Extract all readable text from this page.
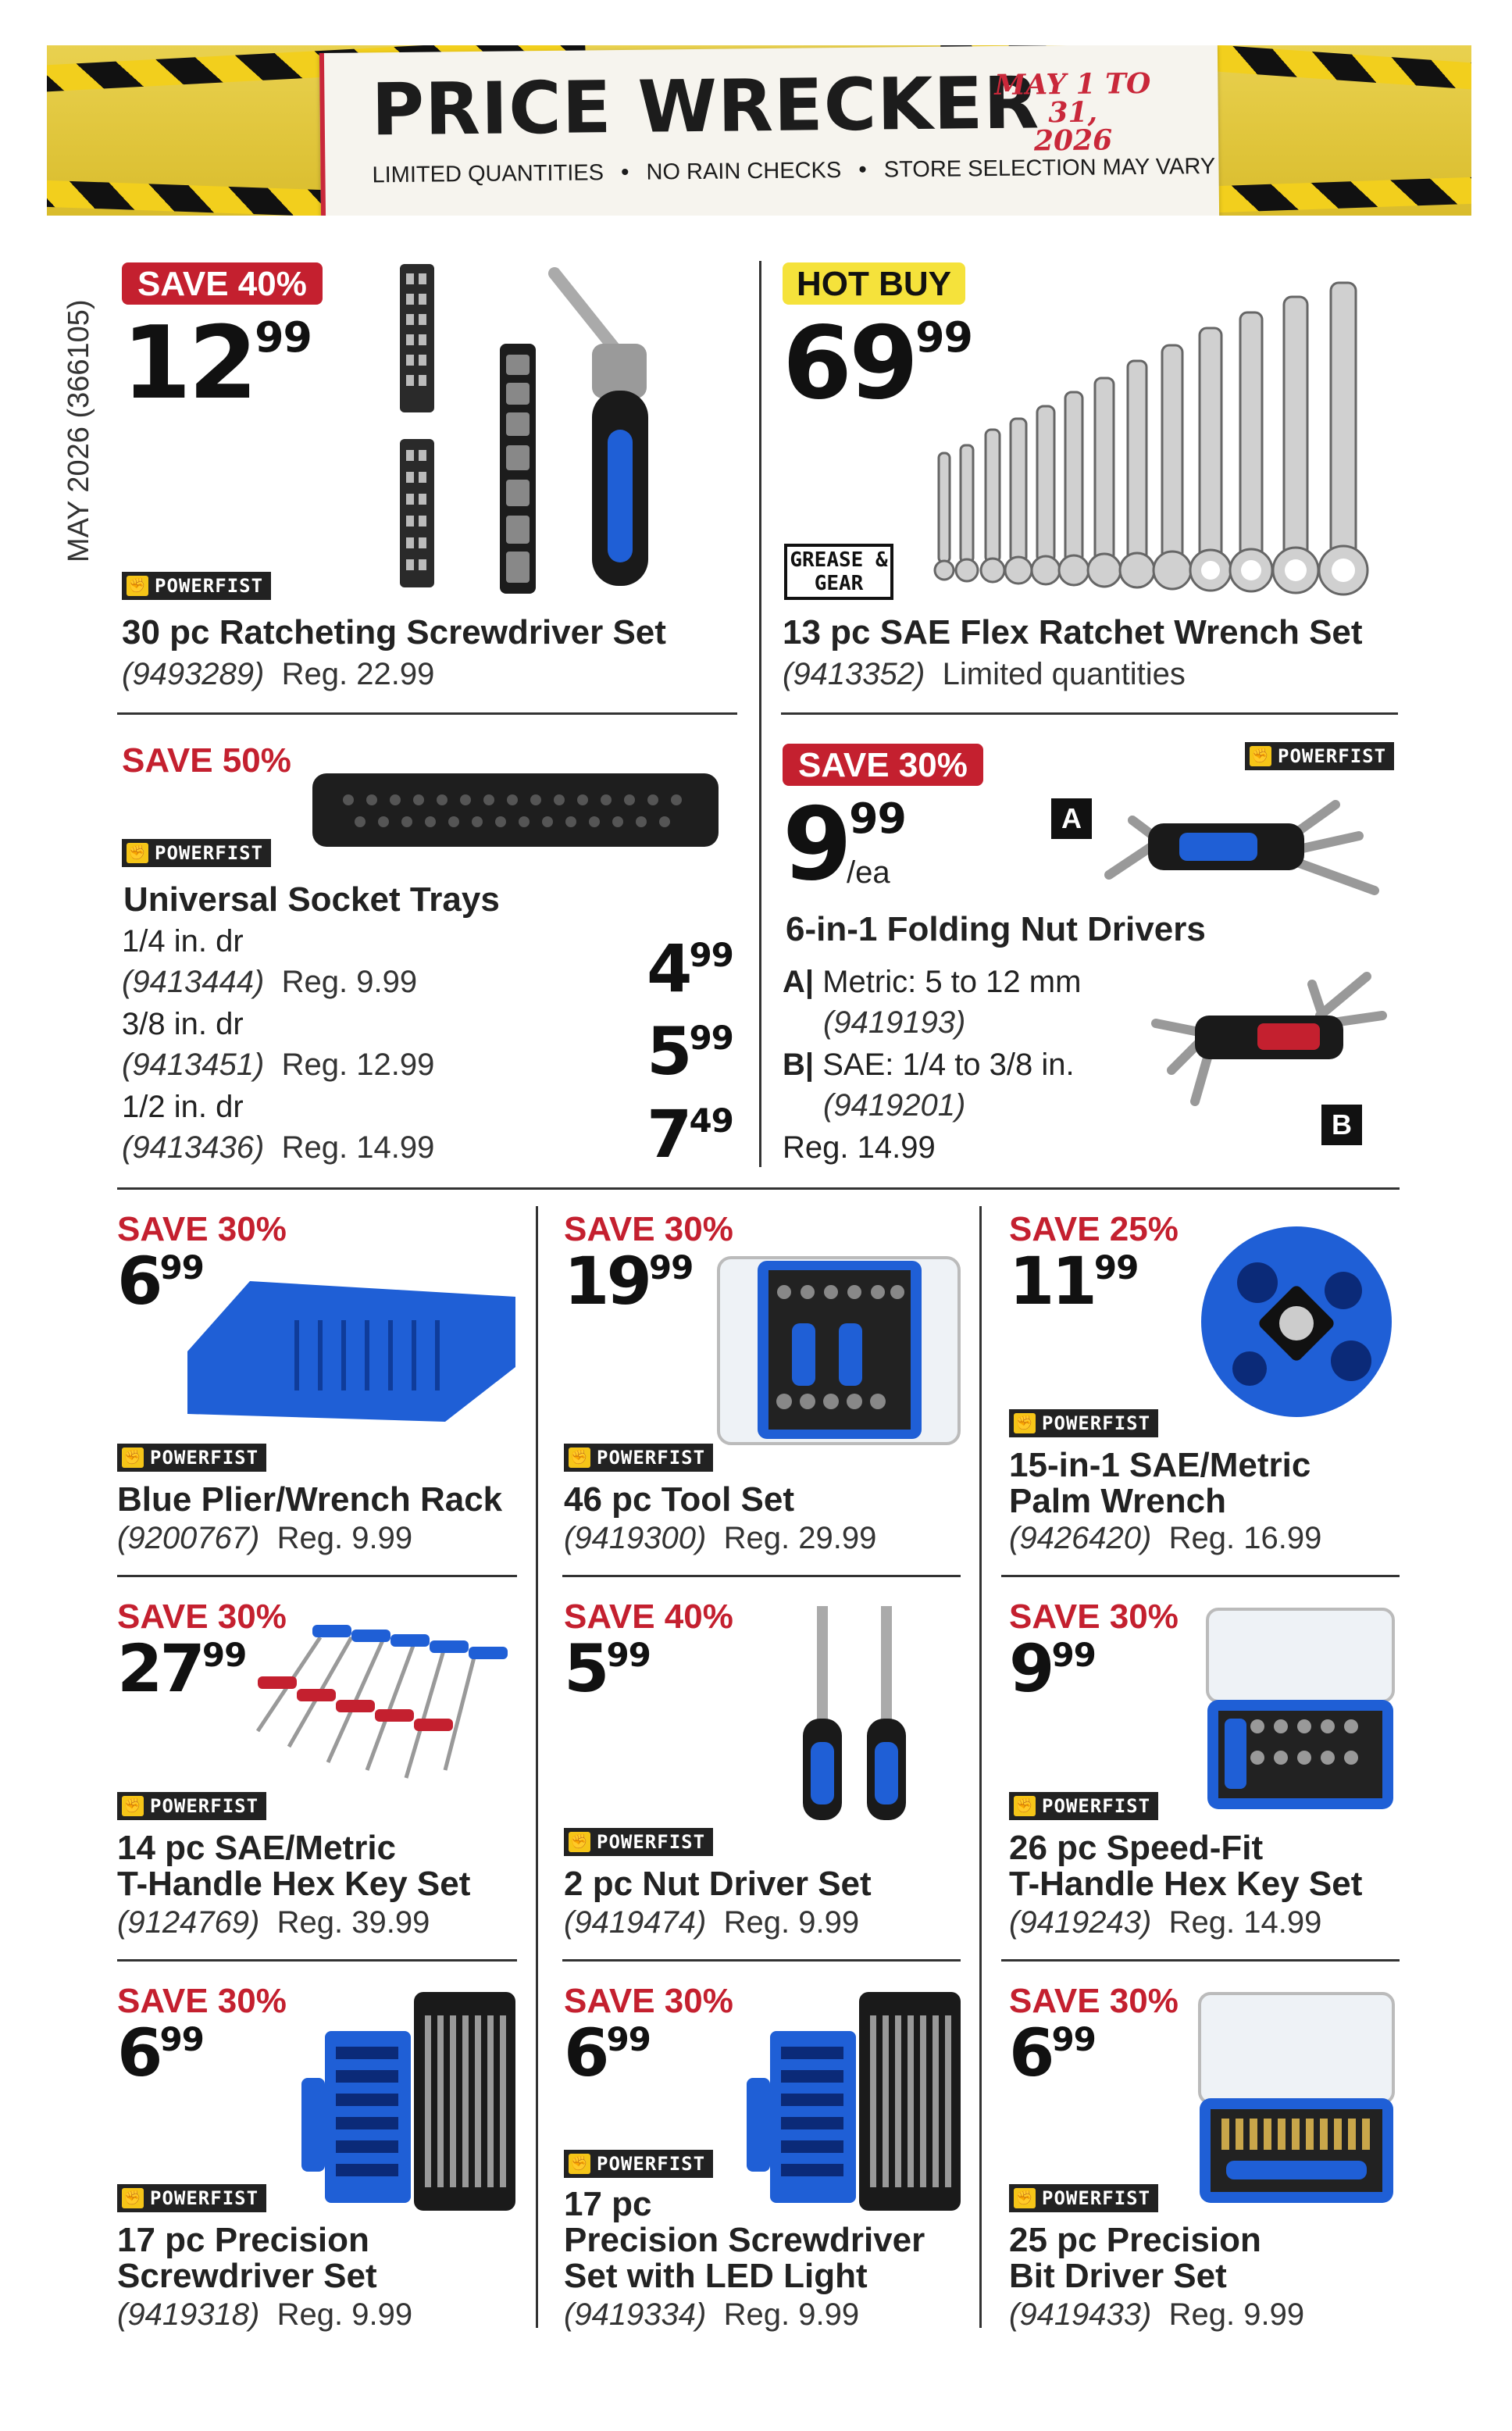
PRICE WRECKER
MAY 1 TO 31,
2026
LIMITED QUANTITIES • NO RAIN CHECKS • STORE SELECTION MAY VARY
MAY 2026 (366105)
SAVE 40%
$12^{99}$
✊ POWERFIST
30 pc Ratcheting Screwdriver Set
(9493289) Reg. 22.99
HOT BUY
$69^{99}$
GREASE & GEAR
13 pc SAE Flex Ratchet Wrench Set
(9413352) Limited quantities
SAVE 50%
✊ POWERFIST
Universal Socket Trays
1/4 in. dr
(9413444) Reg. 9.99	$4^{99}$
3/8 in. dr
(9413451) Reg. 12.99	$5^{99}$
1/2 in. dr
(9413436) Reg. 14.99	$7^{49}$
SAVE 30%	✊ POWERFIST
$9^{99}$
/ea
A
6-in-1 Folding Nut Drivers
A| Metric: 5 to 12 mm
(9419193)
B| SAE: 1/4 to 3/8 in.
(9419201)
Reg. 14.99
B
SAVE 30%
$6^{99}$
✊ POWERFIST
Blue Plier/Wrench Rack
(9200767) Reg. 9.99
SAVE 30%
$19^{99}$
✊ POWERFIST
46 pc Tool Set
(9419300) Reg. 29.99
SAVE 25%
$11^{99}$
✊ POWERFIST
15-in-1 SAE/Metric
Palm Wrench
(9426420) Reg. 16.99
SAVE 30%
$27^{99}$
✊ POWERFIST
14 pc SAE/Metric
T-Handle Hex Key Set
(9124769) Reg. 39.99
SAVE 40%
$5^{99}$
✊ POWERFIST
2 pc Nut Driver Set
(9419474) Reg. 9.99
SAVE 30%
$9^{99}$
✊ POWERFIST
26 pc Speed-Fit
T-Handle Hex Key Set
(9419243) Reg. 14.99
SAVE 30%
$6^{99}$
✊ POWERFIST
17 pc Precision
Screwdriver Set
(9419318) Reg. 9.99
SAVE 30%
$6^{99}$
✊ POWERFIST
17 pc
Precision Screwdriver
Set with LED Light
(9419334) Reg. 9.99
SAVE 30%
$6^{99}$
✊ POWERFIST
25 pc Precision
Bit Driver Set
(9419433) Reg. 9.99
